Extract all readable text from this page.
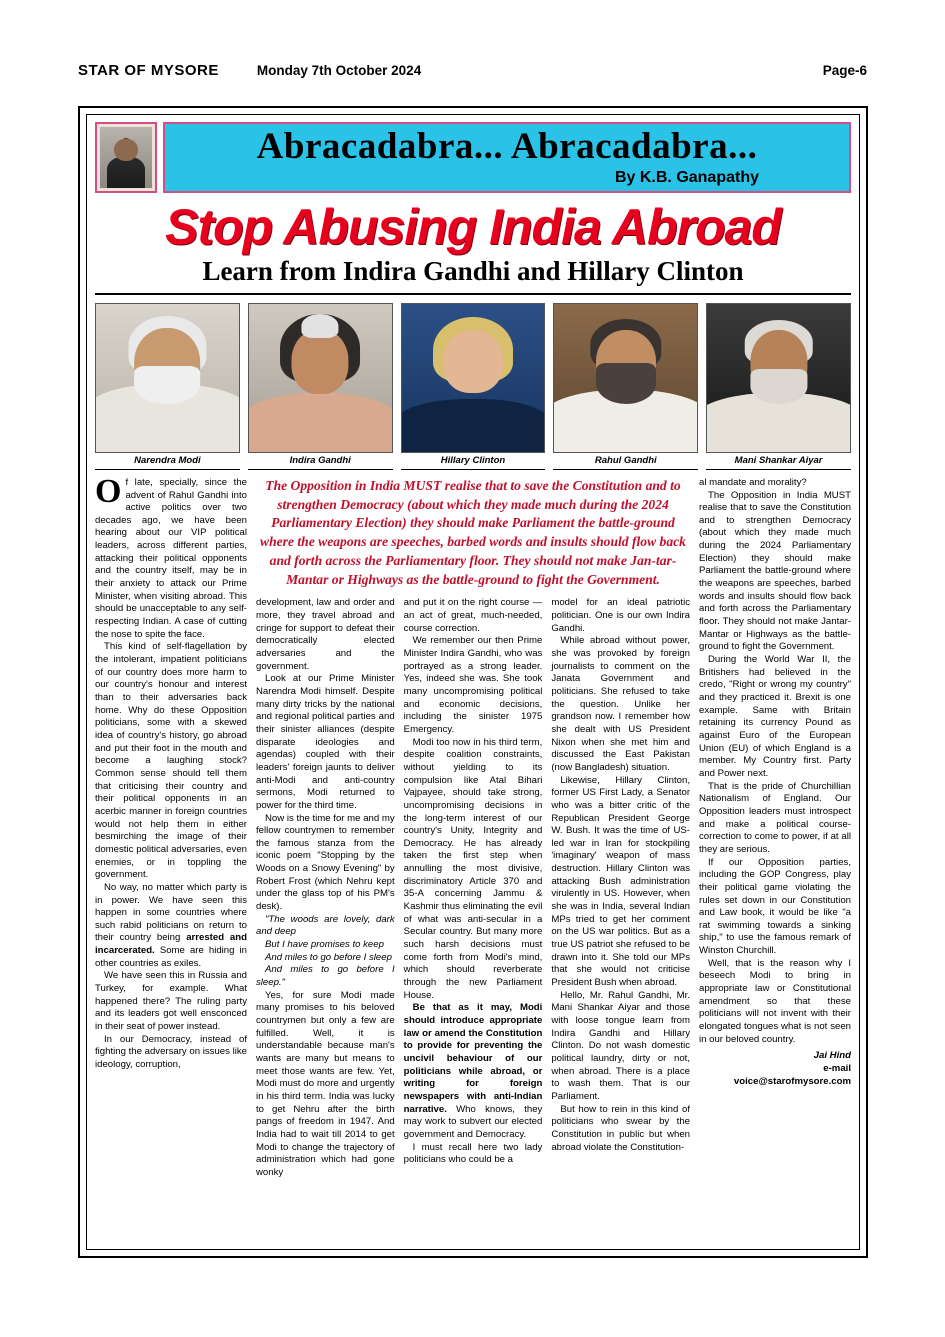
STAR OF MYSORE	Monday 7th October 2024	Page-6
Abracadabra... Abracadabra...
By K.B. Ganapathy
Stop Abusing India Abroad
Learn from Indira Gandhi and Hillary Clinton
Narendra Modi	Indira Gandhi	Hillary Clinton	Rahul Gandhi	Mani Shankar Aiyar

Of late, specially, since the advent of Rahul Gandhi into active politics over two decades ago, we have been hearing about our VIP political leaders, across different parties, attacking their political opponents and the country itself, may be in their anxiety to attack our Prime Minister, when visiting abroad. This should be unacceptable to any self-respecting Indian. A case of cutting the nose to spite the face.

This kind of self-flagellation by the intolerant, impatient politicians of our country does more harm to our country's honour and interest than to their adversaries back home. Why do these Opposition politicians, some with a skewed idea of country's history, go abroad and put their foot in the mouth and become a laughing stock? Common sense should tell them that criticising their country and their political opponents in an acerbic manner in foreign countries would not help them in either besmirching the image of their domestic political adversaries, even enemies, or in toppling the government.

No way, no matter which party is in power. We have seen this happen in some countries where such rabid politicians on return to their country being arrested and incarcerated. Some are hiding in other countries as exiles.

We have seen this in Russia and Turkey, for example. What happened there? The ruling party and its leaders got well ensconced in their seat of power instead.

In our Democracy, instead of fighting the adversary on issues like ideology, corruption,

The Opposition in India MUST realise that to save the Constitution and to strengthen Democracy (about which they made much during the 2024 Parliamentary Election) they should make Parliament the battle-ground where the weapons are speeches, barbed words and insults should flow back and forth across the Parliamentary floor. They should not make Jan-tar-Mantar or Highways as the battle-ground to fight the Government.

development, law and order and more, they travel abroad and cringe for support to defeat their democratically elected adversaries and the government.

Look at our Prime Minister Narendra Modi himself. Despite many dirty tricks by the national and regional political parties and their sinister alliances (despite disparate ideologies and agendas) coupled with their leaders' foreign jaunts to deliver anti-Modi and anti-country sermons, Modi returned to power for the third time.

Now is the time for me and my fellow countrymen to remember the famous stanza from the iconic poem "Stopping by the Woods on a Snowy Evening" by Robert Frost (which Nehru kept under the glass top of his PM's desk).

"The woods are lovely, dark and deep

But I have promises to keep

And miles to go before I sleep

And miles to go before I sleep."

Yes, for sure Modi made many promises to his beloved countrymen but only a few are fulfilled. Well, it is understandable because man's wants are many but means to meet those wants are few. Yet, Modi must do more and urgently in his third term. India was lucky to get Nehru after the birth pangs of freedom in 1947. And India had to wait till 2014 to get Modi to change the trajectory of administration which had gone wonky

and put it on the right course — an act of great, much-needed, course correction.

We remember our then Prime Minister Indira Gandhi, who was portrayed as a strong leader. Yes, indeed she was. She took many uncompromising political and economic decisions, including the sinister 1975 Emergency.

Modi too now in his third term, despite coalition constraints, without yielding to its compulsion like Atal Bihari Vajpayee, should take strong, uncompromising decisions in the long-term interest of our country's Unity, Integrity and Democracy. He has already taken the first step when annulling the most divisive, discriminatory Article 370 and 35-A concerning Jammu & Kashmir thus eliminating the evil of what was anti-secular in a Secular country. But many more such harsh decisions must come forth from Modi's mind, which should reverberate through the new Parliament House.

Be that as it may, Modi should introduce appropriate law or amend the Constitution to provide for preventing the uncivil behaviour of our politicians while abroad, or writing for foreign newspapers with anti-Indian narrative. Who knows, they may work to subvert our elected government and Democracy.

I must recall here two lady politicians who could be a

model for an ideal patriotic politician. One is our own Indira Gandhi.

While abroad without power, she was provoked by foreign journalists to comment on the Janata Government and politicians. She refused to take the question. Unlike her grandson now. I remember how she dealt with US President Nixon when she met him and discussed the East Pakistan (now Bangladesh) situation.

Likewise, Hillary Clinton, former US First Lady, a Senator who was a bitter critic of the Republican President George W. Bush. It was the time of US-led war in Iran for stockpiling 'imaginary' weapon of mass destruction. Hillary Clinton was attacking Bush administration virulently in US. However, when she was in India, several Indian MPs tried to get her comment on the US war politics. But as a true US patriot she refused to be drawn into it. She told our MPs that she would not criticise President Bush when abroad.

Hello, Mr. Rahul Gandhi, Mr. Mani Shankar Aiyar and those with loose tongue learn from Indira Gandhi and Hillary Clinton. Do not wash domestic political laundry, dirty or not, when abroad. There is a place to wash them. That is our Parliament.

But how to rein in this kind of politicians who swear by the Constitution in public but when abroad violate the Constitution-

al mandate and morality?

The Opposition in India MUST realise that to save the Constitution and to strengthen Democracy (about which they made much during the 2024 Parliamentary Election) they should make Parliament the battle-ground where the weapons are speeches, barbed words and insults should flow back and forth across the Parliamentary floor. They should not make Jantar-Mantar or Highways as the battle-ground to fight the Government.

During the World War II, the Britishers had believed in the credo, "Right or wrong my country" and they practiced it. Brexit is one example. Same with Britain retaining its currency Pound as against Euro of the European Union (EU) of which England is a member. My Country first. Party and Power next.

That is the pride of Churchillian Nationalism of England. Our Opposition leaders must introspect and make a political course-correction to come to power, if at all they are serious.

If our Opposition parties, including the GOP Congress, play their political game violating the rules set down in our Constitution and Law book, it would be like "a rat swimming towards a sinking ship," to use the famous remark of Winston Churchill.

Well, that is the reason why I beseech Modi to bring in appropriate law or Constitutional amendment so that these politicians will not invent with their elongated tongues what is not seen in our beloved country.

Jai Hind
e-mail
voice@starofmysore.com
